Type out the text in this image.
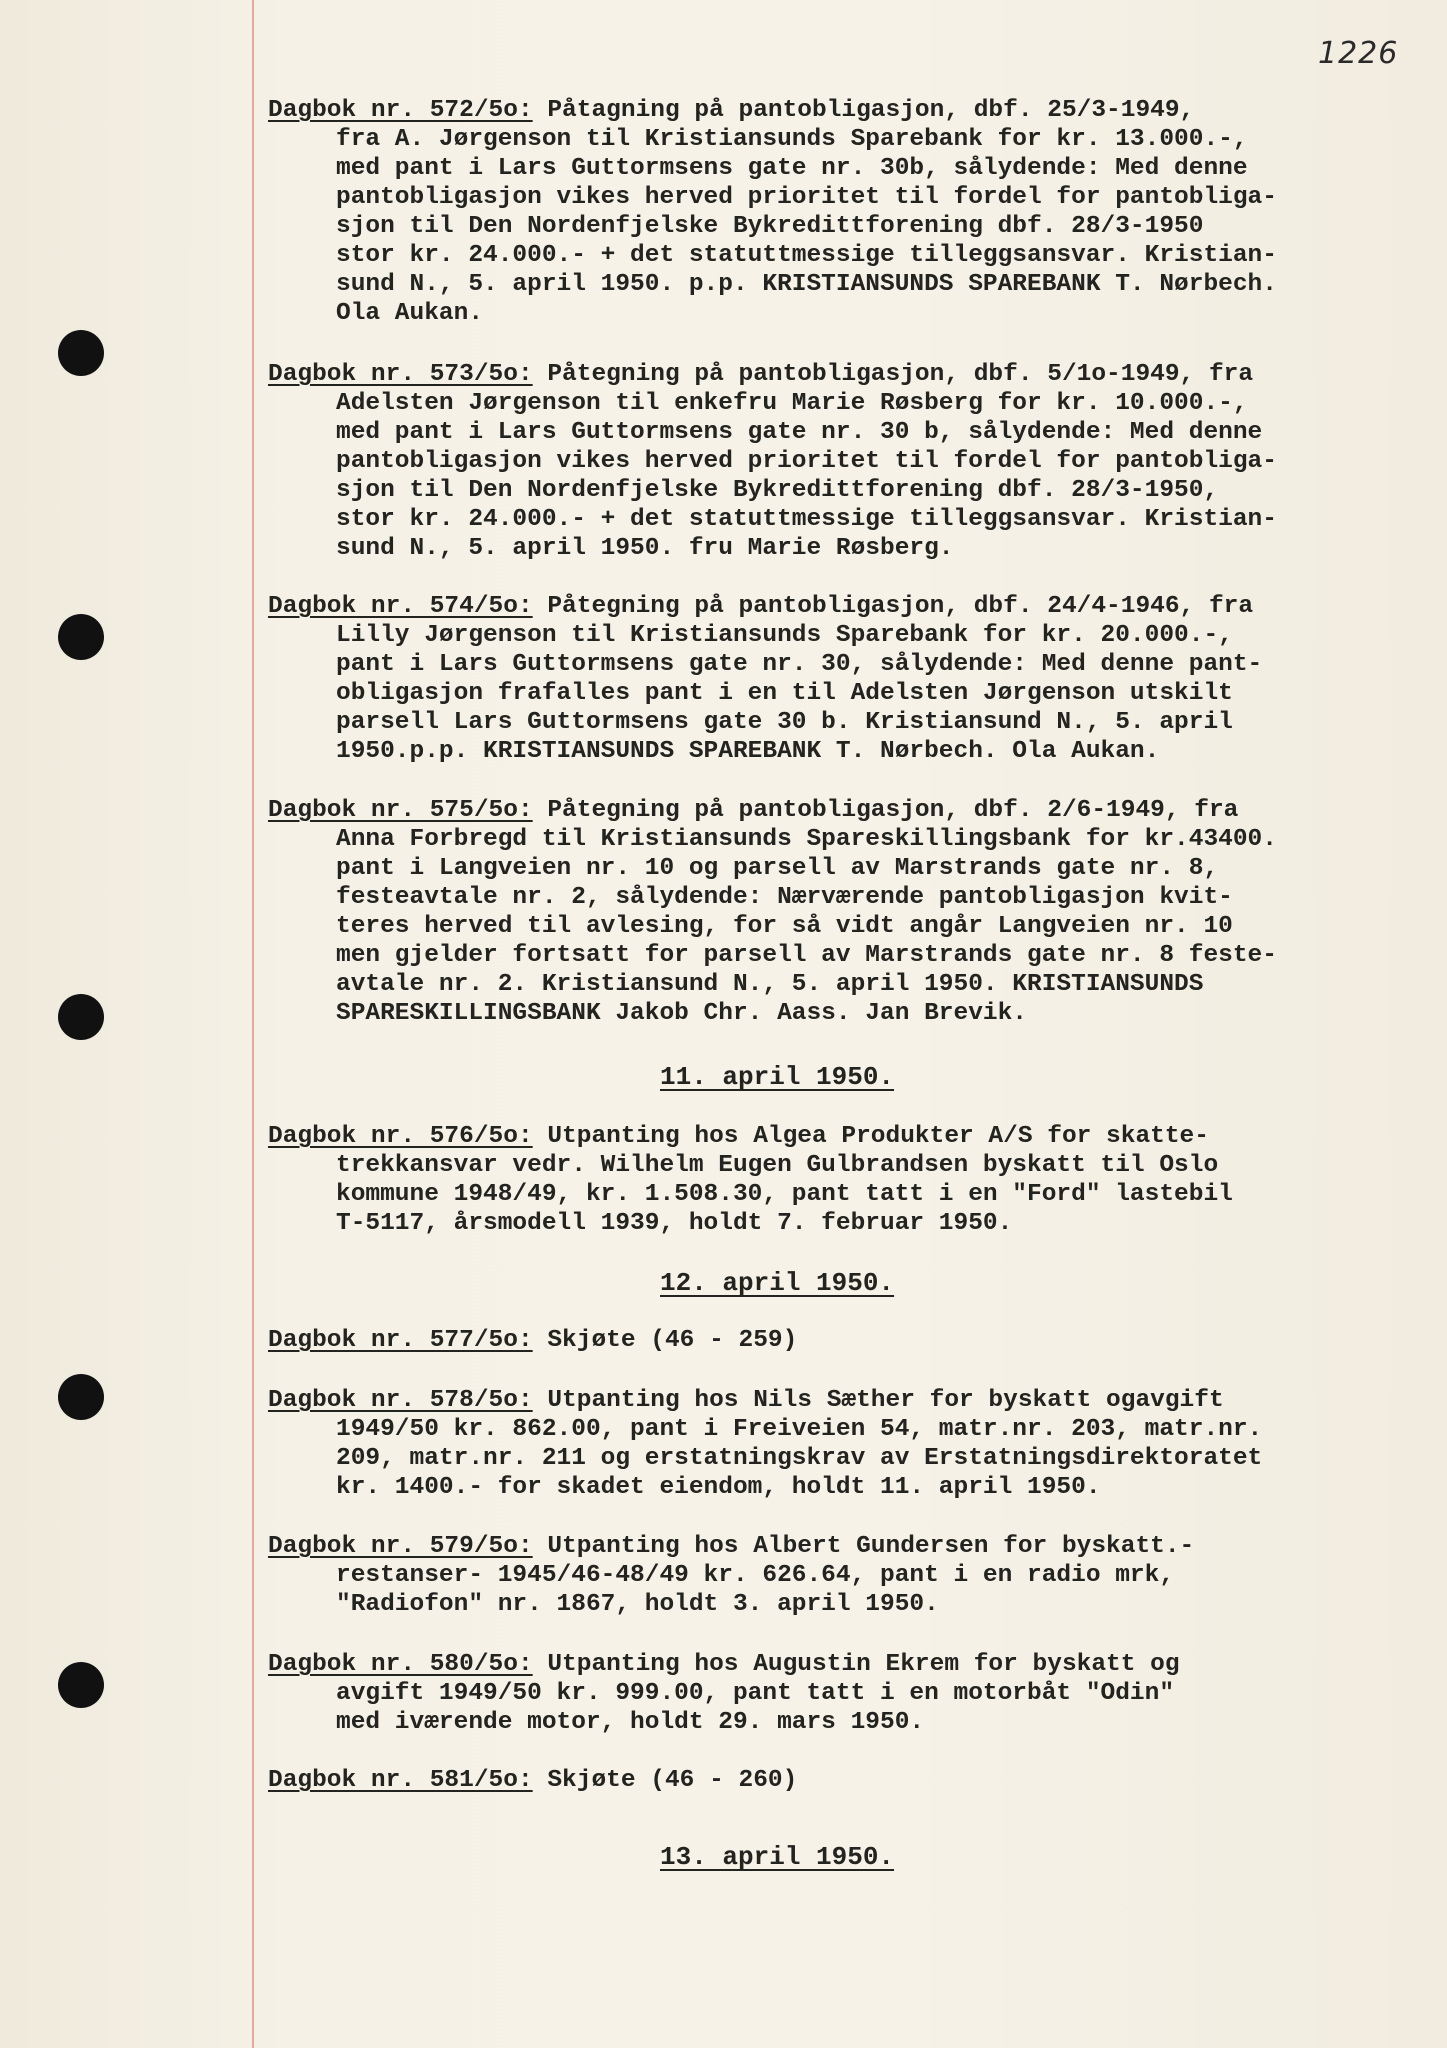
1226
Dagbok nr. 572/5o: Påtagning på pantobligasjon, dbf. 25/3-1949,
fra A. Jørgenson til Kristiansunds Sparebank for kr. 13.000.-,
med pant i Lars Guttormsens gate nr. 30b, sålydende: Med denne
pantobligasjon vikes herved prioritet til fordel for pantobliga-
sjon til Den Nordenfjelske Bykredittforening dbf. 28/3-1950
stor kr. 24.000.- + det statuttmessige tilleggsansvar. Kristian-
sund N., 5. april 1950. p.p. KRISTIANSUNDS SPAREBANK T. Nørbech.
Ola Aukan.
Dagbok nr. 573/5o: Påtegning på pantobligasjon, dbf. 5/1o-1949, fra
Adelsten Jørgenson til enkefru Marie Røsberg for kr. 10.000.-,
med pant i Lars Guttormsens gate nr. 30 b, sålydende: Med denne
pantobligasjon vikes herved prioritet til fordel for pantobliga-
sjon til Den Nordenfjelske Bykredittforening dbf. 28/3-1950,
stor kr. 24.000.- + det statuttmessige tilleggsansvar. Kristian-
sund N., 5. april 1950. fru Marie Røsberg.
Dagbok nr. 574/5o: Påtegning på pantobligasjon, dbf. 24/4-1946, fra
Lilly Jørgenson til Kristiansunds Sparebank for kr. 20.000.-,
pant i Lars Guttormsens gate nr. 30, sålydende: Med denne pant-
obligasjon frafalles pant i en til Adelsten Jørgenson utskilt
parsell Lars Guttormsens gate 30 b. Kristiansund N., 5. april
1950.p.p. KRISTIANSUNDS SPAREBANK T. Nørbech. Ola Aukan.
Dagbok nr. 575/5o: Påtegning på pantobligasjon, dbf. 2/6-1949, fra
Anna Forbregd til Kristiansunds Spareskillingsbank for kr.43400.
pant i Langveien nr. 10 og parsell av Marstrands gate nr. 8,
festeavtale nr. 2, sålydende: Nærværende pantobligasjon kvit-
teres herved til avlesing, for så vidt angår Langveien nr. 10
men gjelder fortsatt for parsell av Marstrands gate nr. 8 feste-
avtale nr. 2. Kristiansund N., 5. april 1950. KRISTIANSUNDS
SPARESKILLINGSBANK Jakob Chr. Aass. Jan Brevik.
11. april 1950.
Dagbok nr. 576/5o: Utpanting hos Algea Produkter A/S for skatte-
trekkansvar vedr. Wilhelm Eugen Gulbrandsen byskatt til Oslo
kommune 1948/49, kr. 1.508.30, pant tatt i en "Ford" lastebil
T-5117, årsmodell 1939, holdt 7. februar 1950.
12. april 1950.
Dagbok nr. 577/5o: Skjøte (46 - 259)
Dagbok nr. 578/5o: Utpanting hos Nils Sæther for byskatt ogavgift
1949/50 kr. 862.00, pant i Freiveien 54, matr.nr. 203, matr.nr.
209, matr.nr. 211 og erstatningskrav av Erstatningsdirektoratet
kr. 1400.- for skadet eiendom, holdt 11. april 1950.
Dagbok nr. 579/5o: Utpanting hos Albert Gundersen for byskatt.-
restanser- 1945/46-48/49 kr. 626.64, pant i en radio mrk,
"Radiofon" nr. 1867, holdt 3. april 1950.
Dagbok nr. 580/5o: Utpanting hos Augustin Ekrem for byskatt og
avgift 1949/50 kr. 999.00, pant tatt i en motorbåt "Odin"
med iværende motor, holdt 29. mars 1950.
Dagbok nr. 581/5o: Skjøte (46 - 260)
13. april 1950.
